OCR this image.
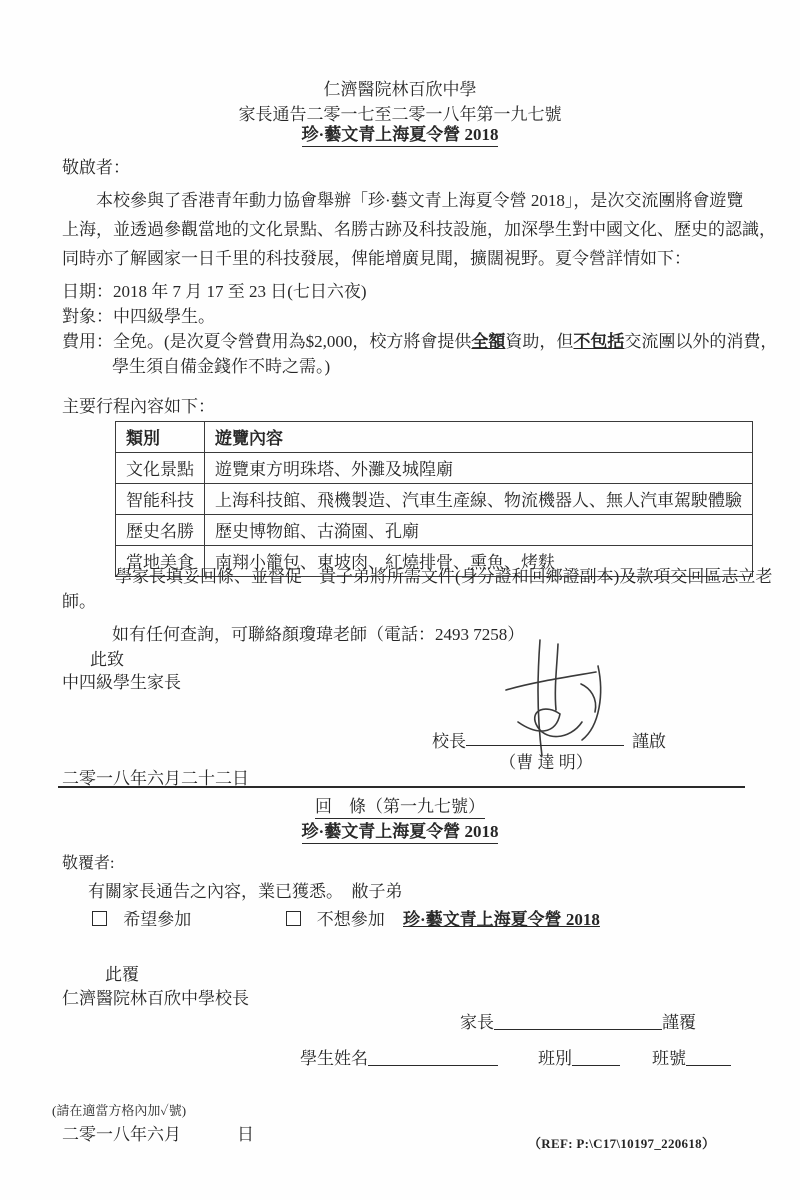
仁濟醫院林百欣中學
家長通告二零一七至二零一八年第一九七號
珍·藝文青上海夏令營 2018
敬啟者：
本校參與了香港青年動力協會舉辦「珍·藝文青上海夏令營 2018」，是次交流團將會遊覽
上海，並透過參觀當地的文化景點、名勝古跡及科技設施，加深學生對中國文化、歷史的認識，
同時亦了解國家一日千里的科技發展，俾能增廣見聞，擴闊視野。夏令營詳情如下：
日期：2018 年 7 月 17 至 23 日(七日六夜)
對象：中四級學生。
費用：全免。(是次夏令營費用為$2,000，校方將會提供全額資助，但不包括交流團以外的消費，
學生須自備金錢作不時之需。)
主要行程內容如下：
類別	遊覽內容
文化景點	遊覽東方明珠塔、外灘及城隍廟
智能科技	上海科技館、飛機製造、汽車生產線、物流機器人、無人汽車駕駛體驗
歷史名勝	歷史博物館、古漪園、孔廟
當地美食	南翔小籠包、東坡肉、紅燒排骨、熏魚、烤麩
學家長填妥回條、並督促　貴子弟將所需文件(身分證和回鄉證副本)及款項交回區志立老
師。
如有任何查詢，可聯絡顏瓊瑋老師（電話：2493 7258）
此致
中四級學生家長
校長	謹啟
（曹 達 明）
二零一八年六月二十二日
回　條（第一九七號）
珍·藝文青上海夏令營 2018
敬覆者:
有關家長通告之內容，業已獲悉。　敝子弟
希望參加	不想參加 珍·藝文青上海夏令營 2018
此覆
仁濟醫院林百欣中學校長
家長	謹覆
學生姓名	班別	班號
(請在適當方格內加✓號)
二零一八年六月	日	（REF: P:\C17\10197_220618）
